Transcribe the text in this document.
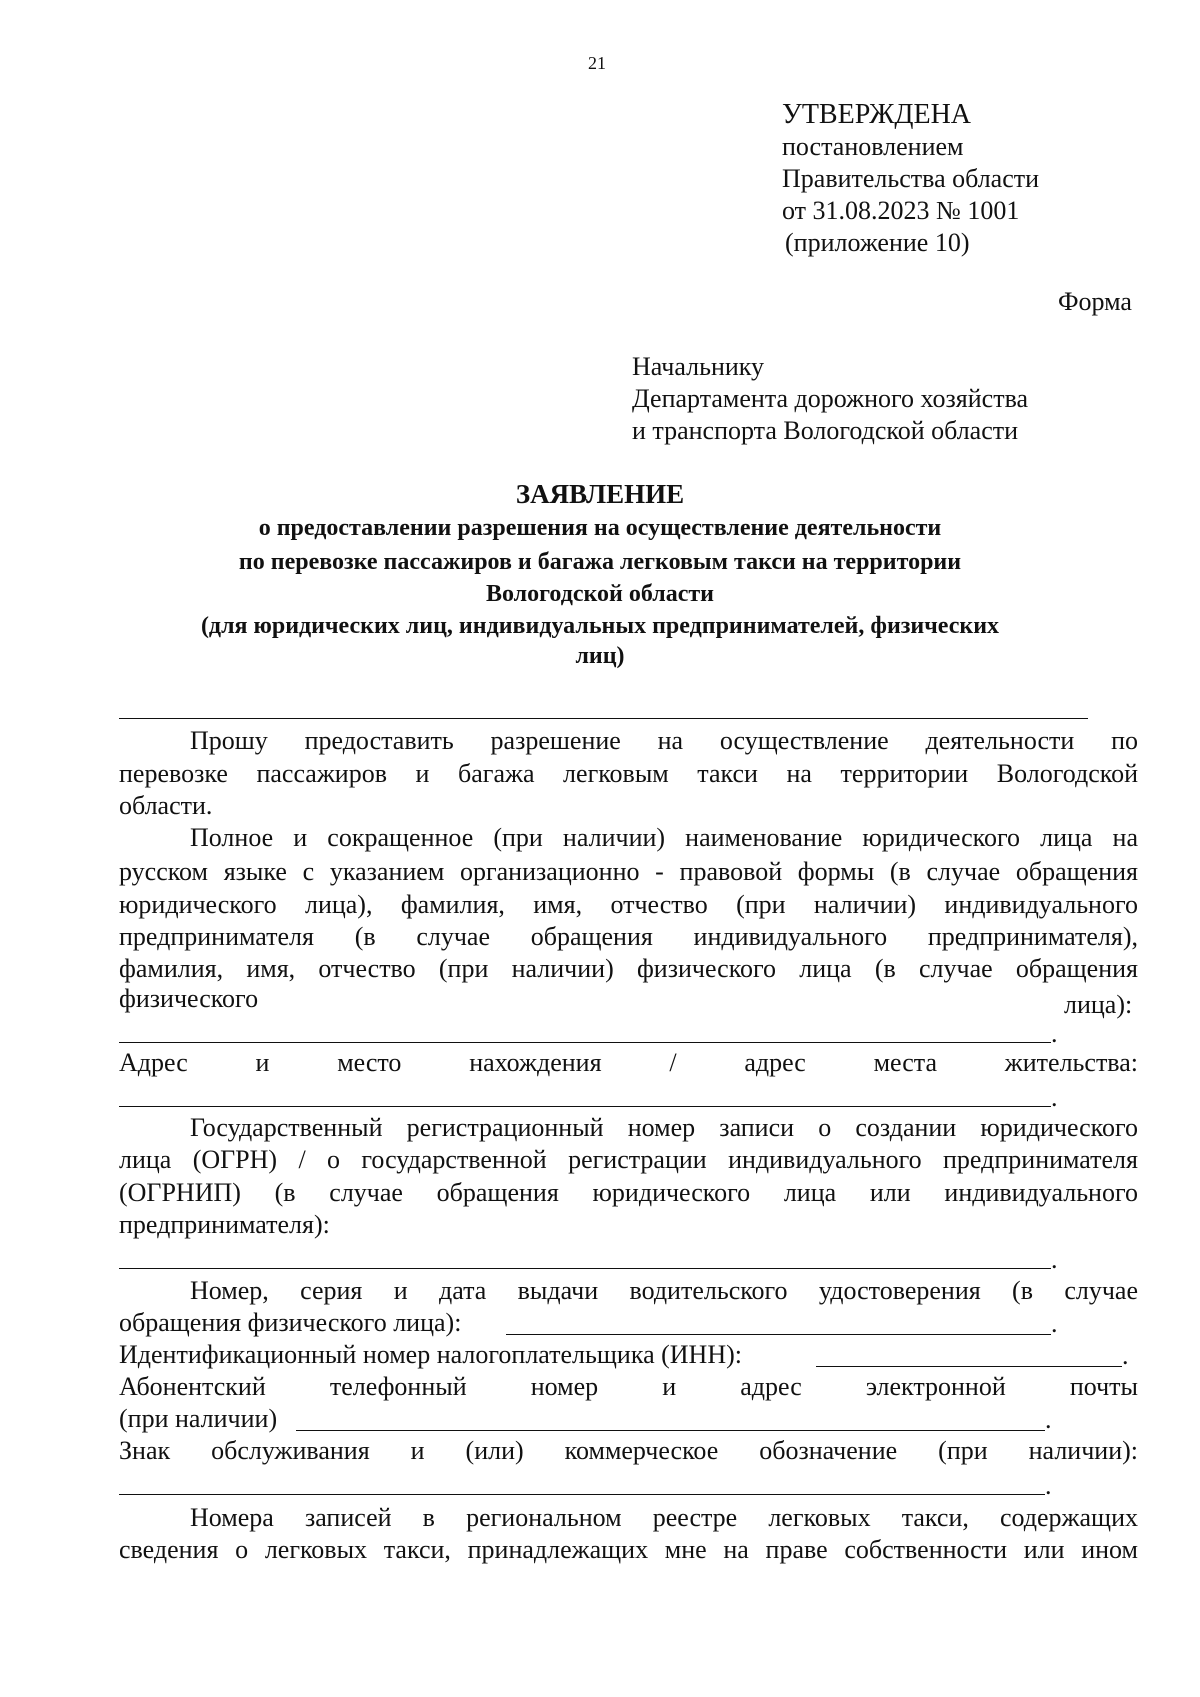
21
УТВЕРЖДЕНА
постановлением
Правительства области
от 31.08.2023 № 1001
(приложение 10)
Форма
Начальнику
Департамента дорожного хозяйства
и транспорта Вологодской области
ЗАЯВЛЕНИЕ
о предоставлении разрешения на осуществление деятельности
по перевозке пассажиров и багажа легковым такси на территории
Вологодской области
(для юридических лиц, индивидуальных предпринимателей, физических
лиц)
Прошу предоставить разрешение на осуществление деятельности по
перевозке пассажиров и багажа легковым такси на территории Вологодской
области.
Полное и сокращенное (при наличии) наименование юридического лица на
русском языке с указанием организационно - правовой формы (в случае обращения
юридического лица), фамилия, имя, отчество (при наличии) индивидуального
предпринимателя (в случае обращения индивидуального предпринимателя),
фамилия, имя, отчество (при наличии) физического лица (в случае обращения
физического	лица):
.
Адрес и место нахождения / адрес места жительства:
.
Государственный регистрационный номер записи о создании юридического
лица (ОГРН) / о государственной регистрации индивидуального предпринимателя
(ОГРНИП) (в случае обращения юридического лица или индивидуального
предпринимателя):
.
Номер, серия и дата выдачи водительского удостоверения (в случае
обращения физического лица):	.
Идентификационный номер налогоплательщика (ИНН):	.
Абонентский телефонный номер и адрес электронной почты
(при наличии)	.
Знак обслуживания и (или) коммерческое обозначение (при наличии):
.
Номера записей в региональном реестре легковых такси, содержащих
сведения о легковых такси, принадлежащих мне на праве собственности или ином
